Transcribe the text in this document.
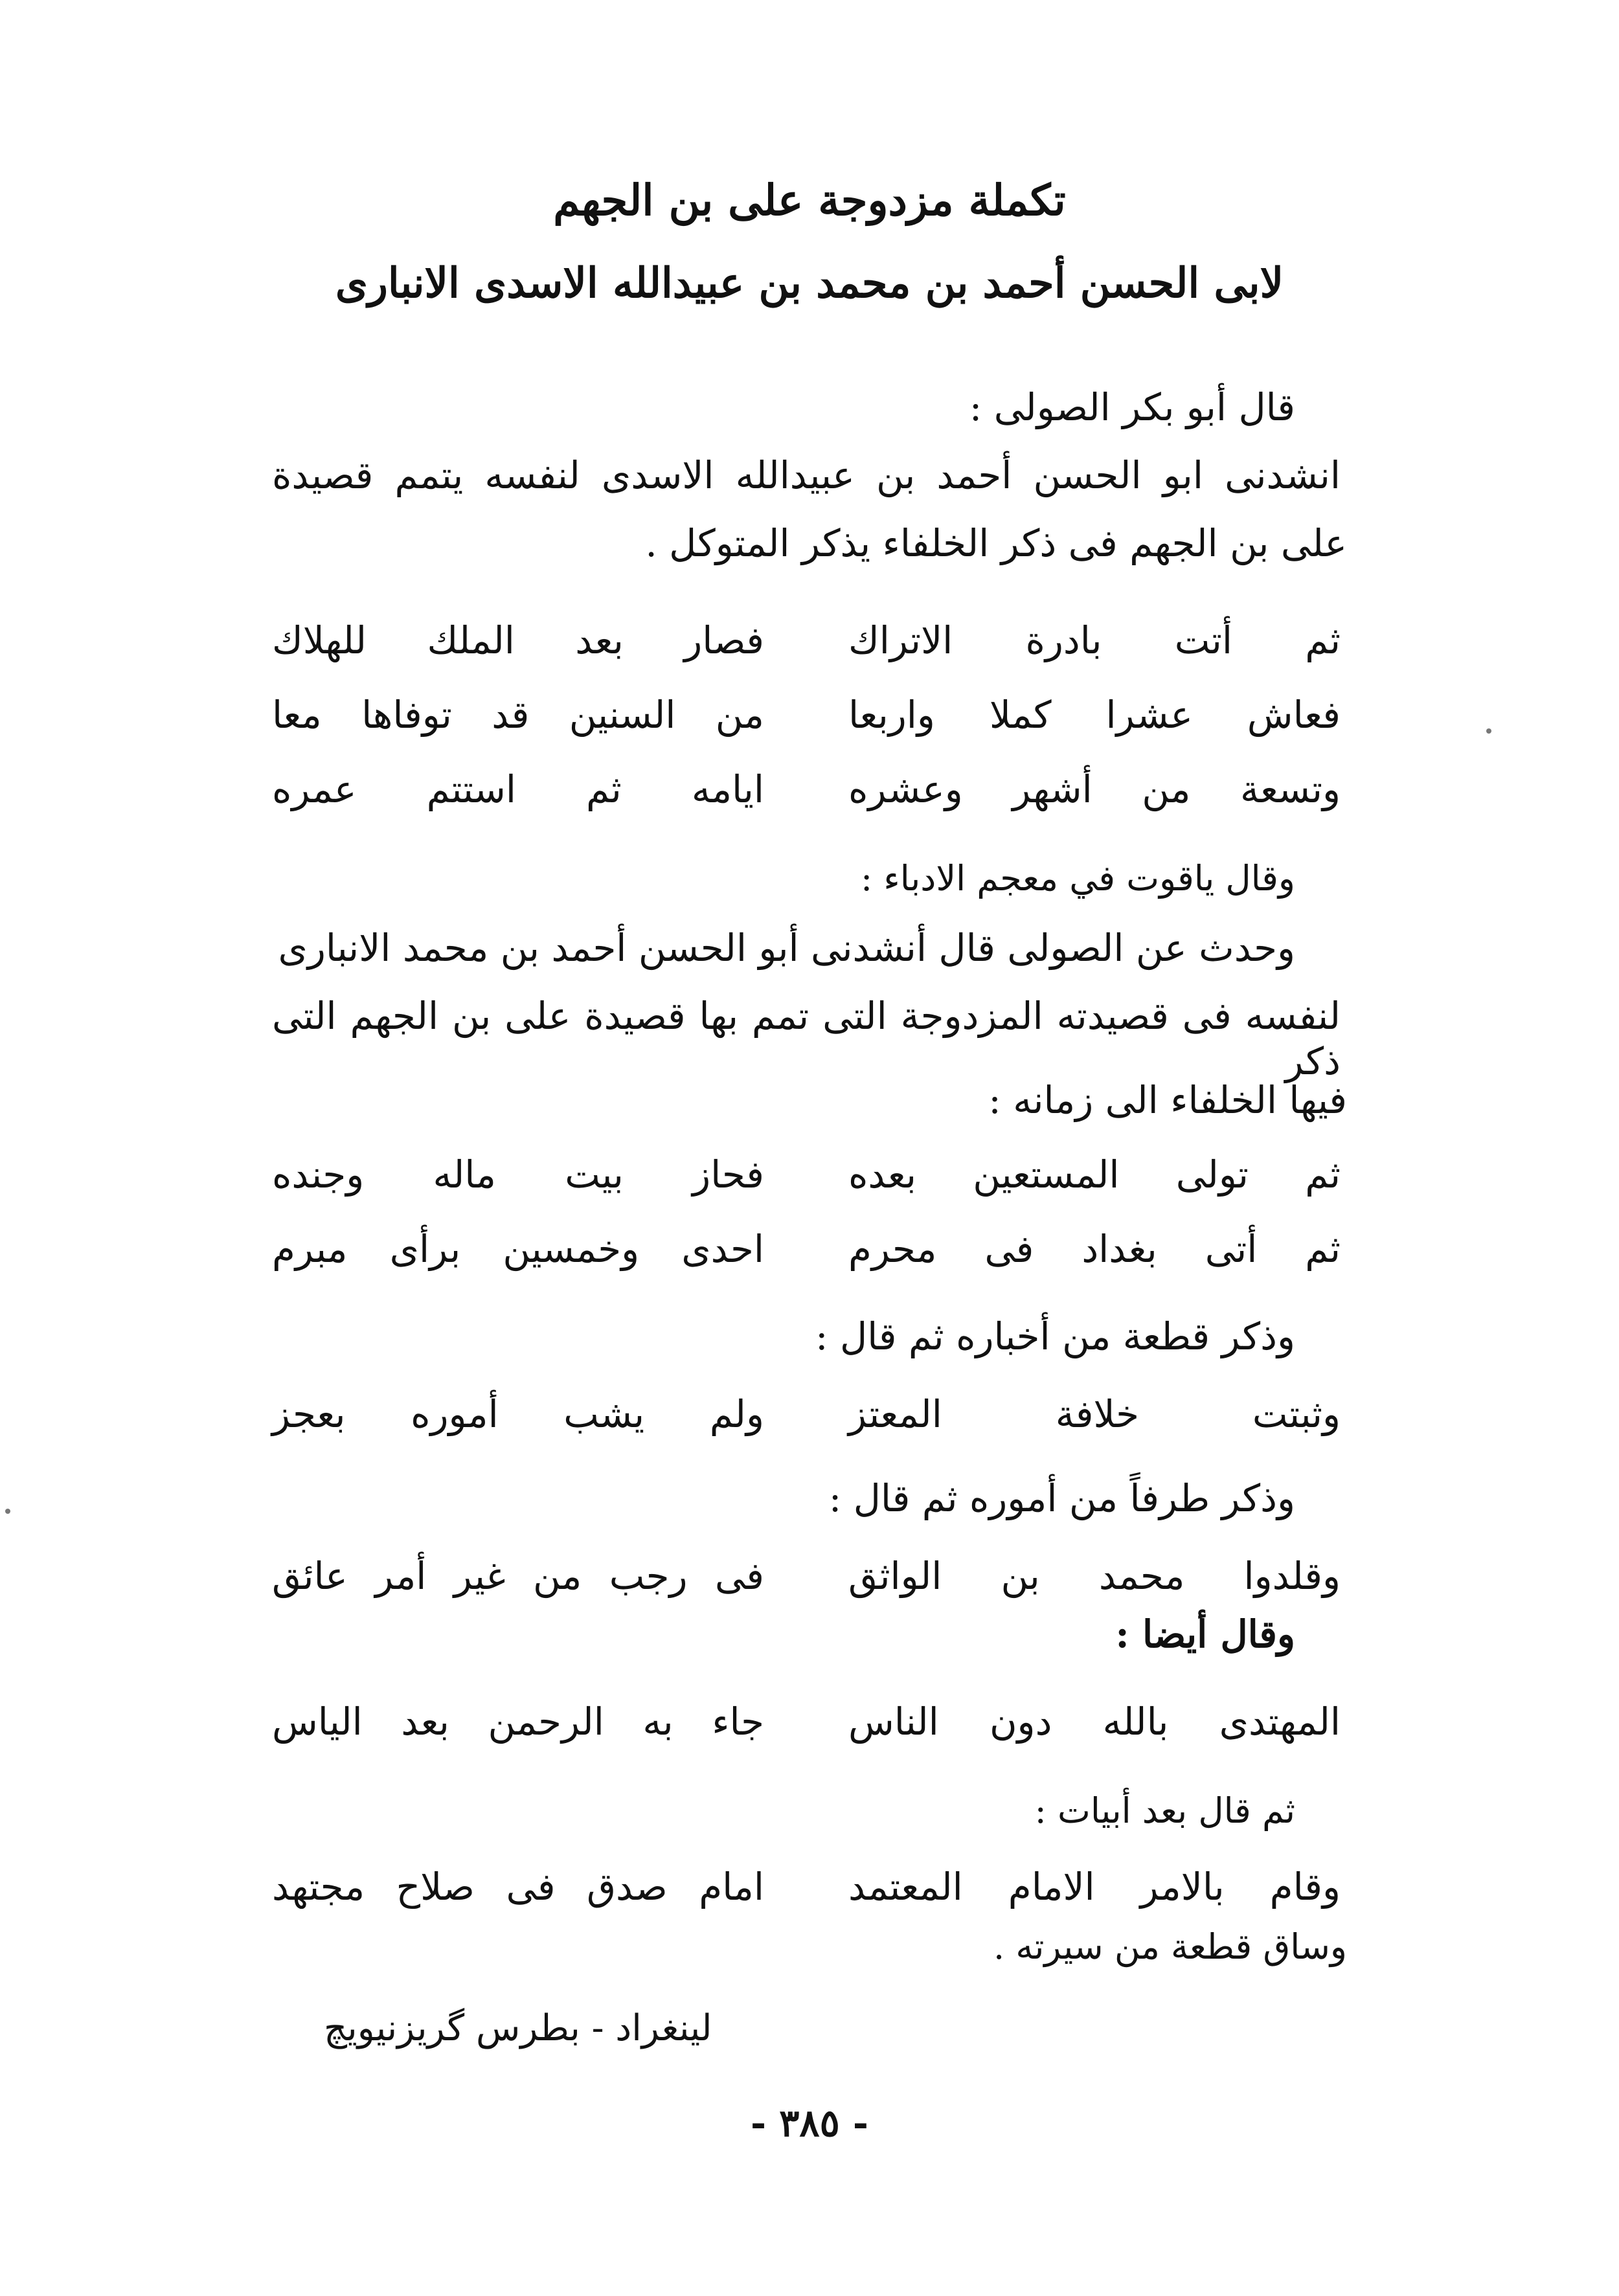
تكملة مزدوجة على بن الجهم
لابى الحسن أحمد بن محمد بن عبيدالله الاسدى الانبارى
قال أبو بكر الصولى :
انشدنى ابو الحسن أحمد بن عبيدالله الاسدى لنفسه يتمم قصيدة
على بن الجهم فى ذكر الخلفاء يذكر المتوكل .
ثم أتت بادرة الاتراك
فصار بعد الملك للهلاك
فعاش عشرا كملا واربعا
من السنين قد توفاها معا
وتسعة من أشهر وعشره
ايامه ثم استتم عمره
وقال ياقوت في معجم الادباء :
وحدث عن الصولى قال أنشدنى أبو الحسن أحمد بن محمد الانبارى
لنفسه فى قصيدته المزدوجة التى تمم بها قصيدة على بن الجهم التى ذكر
فيها الخلفاء الى زمانه :
ثم تولى المستعين بعده
فحاز بيت ماله وجنده
ثم أتى بغداد فى محرم
احدى وخمسين برأى مبرم
وذكر قطعة من أخباره ثم قال :
وثبتت خلافة المعتز
ولم يشب أموره بعجز
وذكر طرفاً من أموره ثم قال :
وقلدوا محمد بن الواثق
فى رجب من غير أمر عائق
وقال أيضا :
المهتدى بالله دون الناس
جاء به الرحمن بعد الياس
ثم قال بعد أبيات :
وقام بالامر الامام المعتمد
امام صدق فى صلاح مجتهد
وساق قطعة من سيرته .
لينغراد - بطرس گريزنيويچ
- ٣٨٥ -
